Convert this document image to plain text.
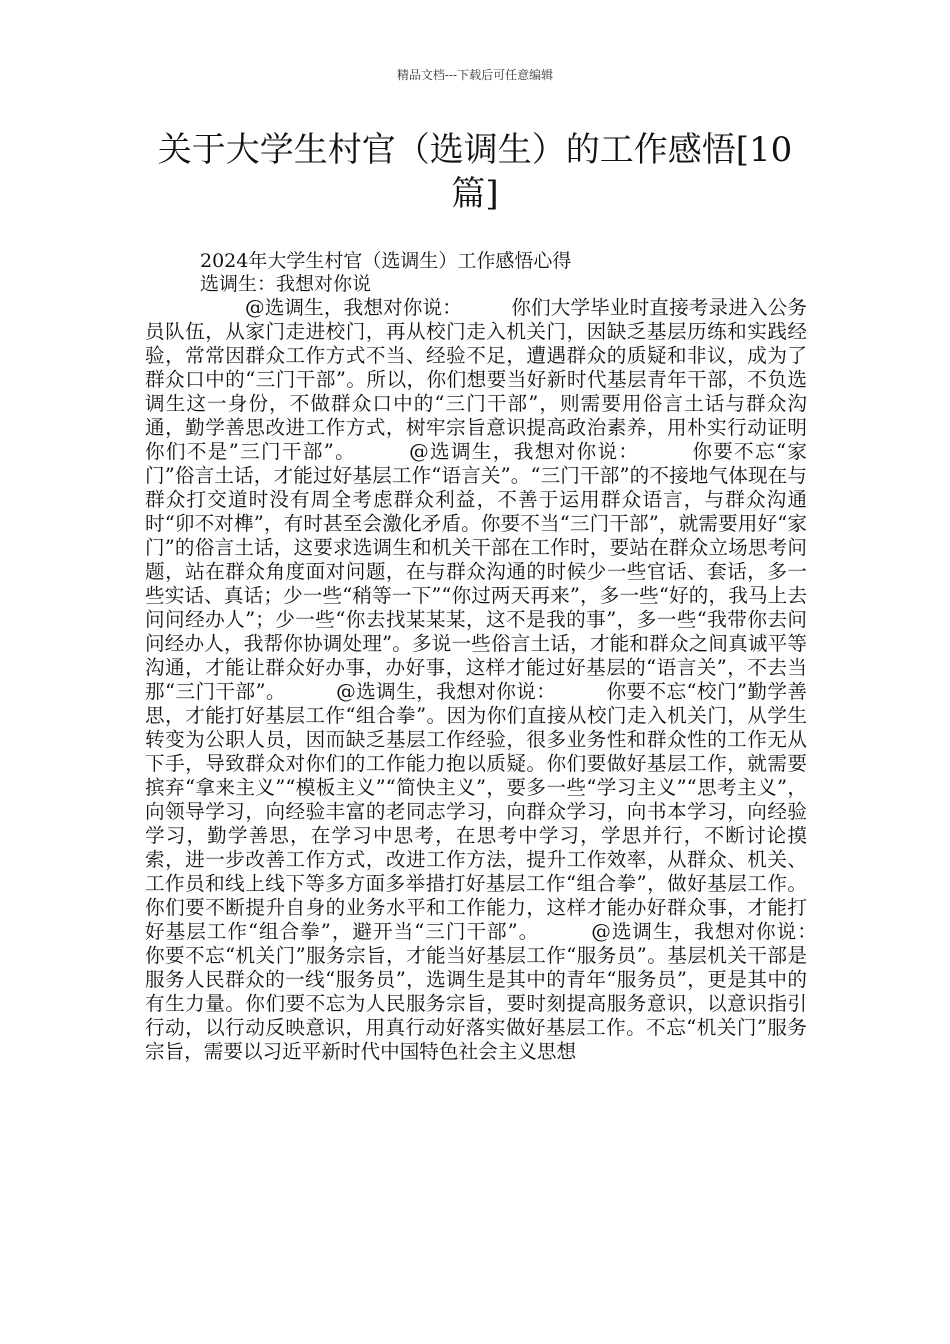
精品文档---下载后可任意编辑
关于大学生村官（选调生）的工作感悟[10篇]
2024年大学生村官（选调生）工作感悟心得
选调生：我想对你说

@选调生，我想对你说：　　　你们大学毕业时直接考录进入公务员队伍，从家门走进校门，再从校门走入机关门，因缺乏基层历练和实践经验，常常因群众工作方式不当、经验不足，遭遇群众的质疑和非议，成为了群众口中的“三门干部”。所以，你们想要当好新时代基层青年干部，不负选调生这一身份，不做群众口中的“三门干部”，则需要用俗言土话与群众沟通，勤学善思改进工作方式，树牢宗旨意识提高政治素养，用朴实行动证明你们不是”三门干部”。　　　@选调生，我想对你说：　　　你要不忘“家门”俗言土话，才能过好基层工作“语言关”。“三门干部”的不接地气体现在与群众打交道时没有周全考虑群众利益，不善于运用群众语言，与群众沟通时“卯不对榫”，有时甚至会激化矛盾。你要不当“三门干部”，就需要用好“家门”的俗言土话，这要求选调生和机关干部在工作时，要站在群众立场思考问题，站在群众角度面对问题，在与群众沟通的时候少一些官话、套话，多一些实话、真话；少一些“稍等一下”“你过两天再来”，多一些“好的，我马上去问问经办人”；少一些“你去找某某某，这不是我的事”，多一些“我带你去问问经办人，我帮你协调处理”。多说一些俗言土话，才能和群众之间真诚平等沟通，才能让群众好办事，办好事，这样才能过好基层的“语言关”，不去当那“三门干部”。　　　@选调生，我想对你说：　　　你要不忘“校门”勤学善思，才能打好基层工作“组合拳”。因为你们直接从校门走入机关门，从学生转变为公职人员，因而缺乏基层工作经验，很多业务性和群众性的工作无从下手，导致群众对你们的工作能力抱以质疑。你们要做好基层工作，就需要摈弃“拿来主义”“模板主义”“简快主义”，要多一些“学习主义”“思考主义”，向领导学习，向经验丰富的老同志学习，向群众学习，向书本学习，向经验学习，勤学善思，在学习中思考，在思考中学习，学思并行，不断讨论摸索，进一步改善工作方式，改进工作方法，提升工作效率，从群众、机关、工作员和线上线下等多方面多举措打好基层工作“组合拳”，做好基层工作。你们要不断提升自身的业务水平和工作能力，这样才能办好群众事，才能打好基层工作“组合拳”，避开当“三门干部”。　　　@选调生，我想对你说：　　　你要不忘“机关门”服务宗旨，才能当好基层工作“服务员”。基层机关干部是服务人民群众的一线“服务员”，选调生是其中的青年“服务员”，更是其中的有生力量。你们要不忘为人民服务宗旨，要时刻提高服务意识，以意识指引行动，以行动反映意识，用真行动好落实做好基层工作。不忘“机关门”服务宗旨，需要以习近平新时代中国特色社会主义思想
